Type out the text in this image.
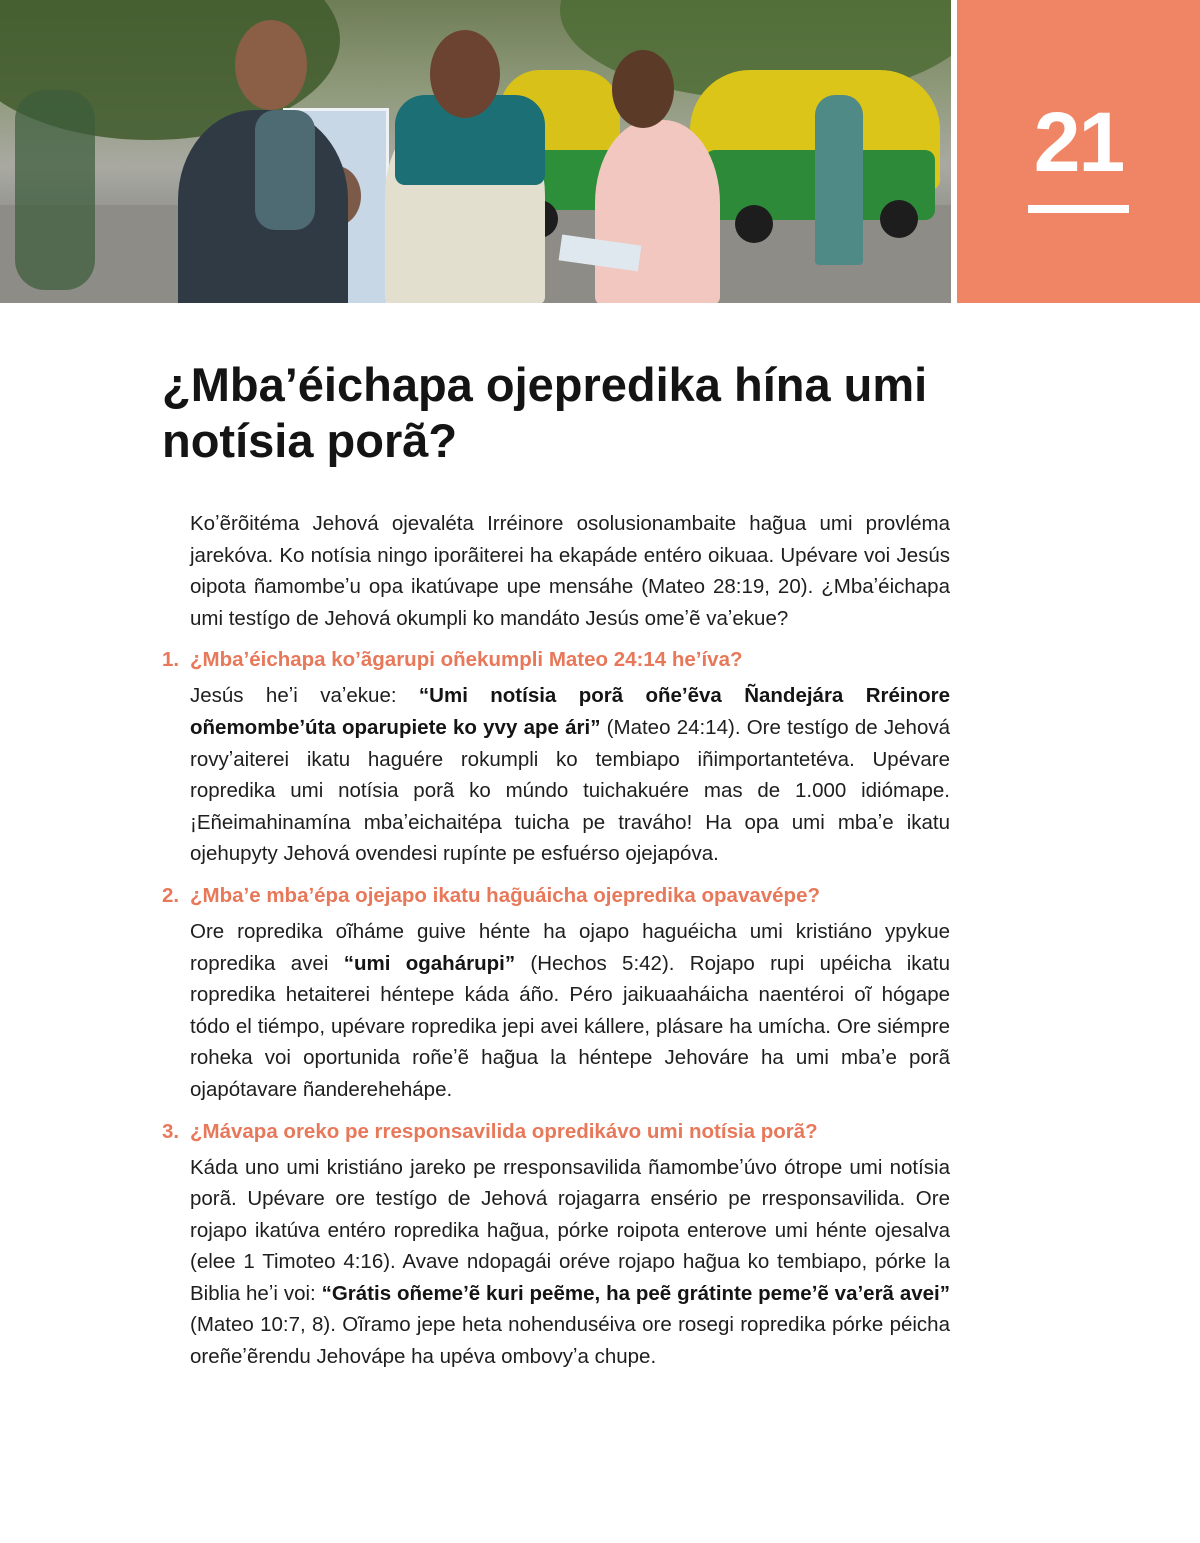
21
¿Mbaʼéichapa ojepredika hína umi notísia porã?

Koʼẽrõitéma Jehová ojevaléta Irréinore osolusionambaite hag̃ua umi provléma jarekóva. Ko notísia ningo iporãiterei ha ekapáde entéro oikuaa. Upévare voi Jesús oipota ñamombeʼu opa ikatúvape upe mensáhe (Mateo 28:19, 20). ¿Mbaʼéichapa umi testígo de Jehová okumpli ko mandáto Jesús omeʼẽ vaʼekue?

1. ¿Mbaʼéichapa koʼãgarupi oñekumpli Mateo 24:14 heʼíva?

Jesús heʼi vaʼekue: “Umi notísia porã oñeʼẽva Ñandejára Rréinore oñemombeʼúta oparupiete ko yvy ape ári” (Mateo 24:14). Ore testígo de Jehová rovyʼaiterei ikatu haguére rokumpli ko tembiapo iñimportantetéva. Upévare ropredika umi notísia porã ko múndo tuichakuére mas de 1.000 idiómape. ¡Eñeimahinamína mbaʼeichaitépa tuicha pe traváho! Ha opa umi mbaʼe ikatu ojehupyty Jehová ovendesi rupínte pe esfuérso ojejapóva.

2. ¿Mbaʼe mbaʼépa ojejapo ikatu hag̃uáicha ojepredika opavavépe?

Ore ropredika oĩháme guive hénte ha ojapo haguéicha umi kristiáno ypykue ropredika avei “umi ogahárupi” (Hechos 5:42). Rojapo rupi upéicha ikatu ropredika hetaiterei héntepe káda áño. Péro jaikuaaháicha naentéroi oĩ hógape tódo el tiémpo, upévare ropredika jepi avei kállere, plásare ha umícha. Ore siémpre roheka voi oportunida roñeʼẽ hag̃ua la héntepe Jehováre ha umi mbaʼe porã ojapótavare ñanderehehápe.

3. ¿Mávapa oreko pe rresponsavilida opredikávo umi notísia porã?

Káda uno umi kristiáno jareko pe rresponsavilida ñamombeʼúvo ótrope umi notísia porã. Upévare ore testígo de Jehová rojagarra ensério pe rresponsavilida. Ore rojapo ikatúva entéro ropredika hag̃ua, pórke roipota enterove umi hénte ojesalva (elee 1 Timoteo 4:16). Avave ndopagái oréve rojapo hag̃ua ko tembiapo, pórke la Biblia heʼi voi: “Grátis oñemeʼẽ kuri peẽme, ha peẽ grátinte pemeʼẽ vaʼerã avei” (Mateo 10:7, 8). Oĩramo jepe heta nohenduséiva ore rosegi ropredika pórke péicha oreñeʼẽrendu Jehovápe ha upéva ombovyʼa chupe.
